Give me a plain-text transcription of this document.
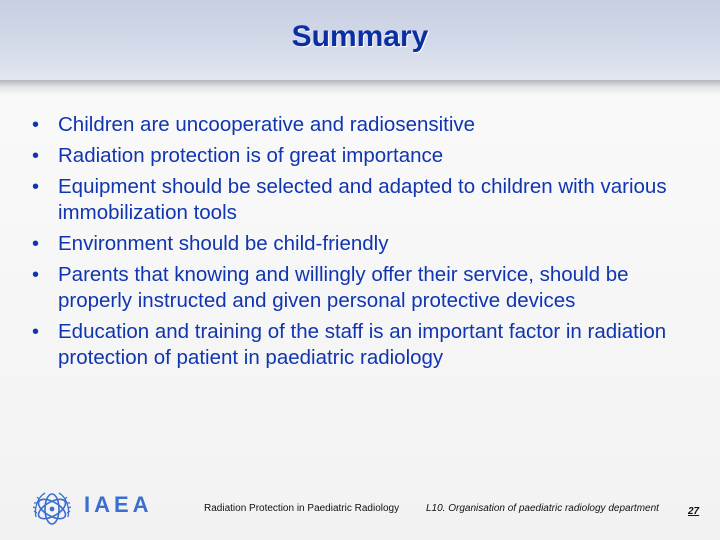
Summary
• Children are uncooperative and radiosensitive
• Radiation protection is of great importance
• Equipment should be selected and adapted to children with various immobilization tools
• Environment should be child-friendly
• Parents that knowing and willingly offer their service, should be properly instructed and given personal protective devices
• Education and training of the staff is an important factor in radiation protection of patient in paediatric radiology
IAEA	Radiation Protection in Paediatric Radiology	L10. Organisation of paediatric radiology department	27
